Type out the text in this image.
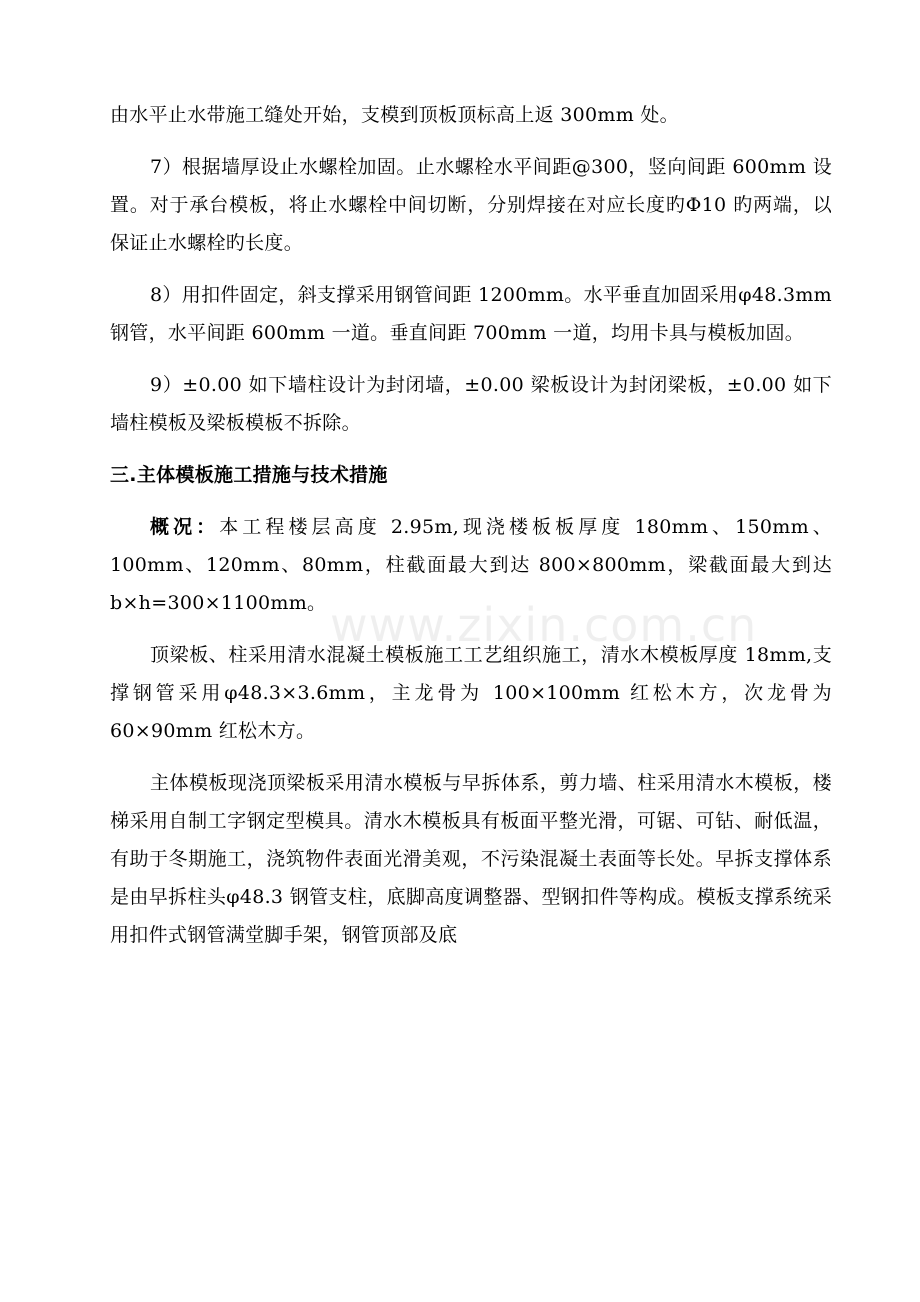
www.zixin.com.cn

由水平止水带施工缝处开始，支模到顶板顶标高上返 300mm 处。

7）根据墙厚设止水螺栓加固。止水螺栓水平间距@300，竖向间距 600mm 设置。对于承台模板，将止水螺栓中间切断，分别焊接在对应长度旳Φ10 旳两端，以保证止水螺栓旳长度。

8）用扣件固定，斜支撑采用钢管间距 1200mm。水平垂直加固采用φ48.3mm 钢管，水平间距 600mm 一道。垂直间距 700mm 一道，均用卡具与模板加固。

9）±0.00 如下墙柱设计为封闭墙，±0.00 梁板设计为封闭梁板，±0.00 如下墙柱模板及梁板模板不拆除。

三.主体模板施工措施与技术措施

概况：本工程楼层高度 2.95m,现浇楼板板厚度 180mm、150mm、100mm、120mm、80mm，柱截面最大到达 800×800mm，梁截面最大到达 b×h=300×1100mm。

顶梁板、柱采用清水混凝土模板施工工艺组织施工，清水木模板厚度 18mm,支撑钢管采用φ48.3×3.6mm，主龙骨为 100×100mm 红松木方，次龙骨为60×90mm 红松木方。

主体模板现浇顶梁板采用清水模板与早拆体系，剪力墙、柱采用清水木模板，楼梯采用自制工字钢定型模具。清水木模板具有板面平整光滑，可锯、可钻、耐低温，有助于冬期施工，浇筑物件表面光滑美观，不污染混凝土表面等长处。早拆支撑体系是由早拆柱头φ48.3 钢管支柱，底脚高度调整器、型钢扣件等构成。模板支撑系统采用扣件式钢管满堂脚手架，钢管顶部及底
